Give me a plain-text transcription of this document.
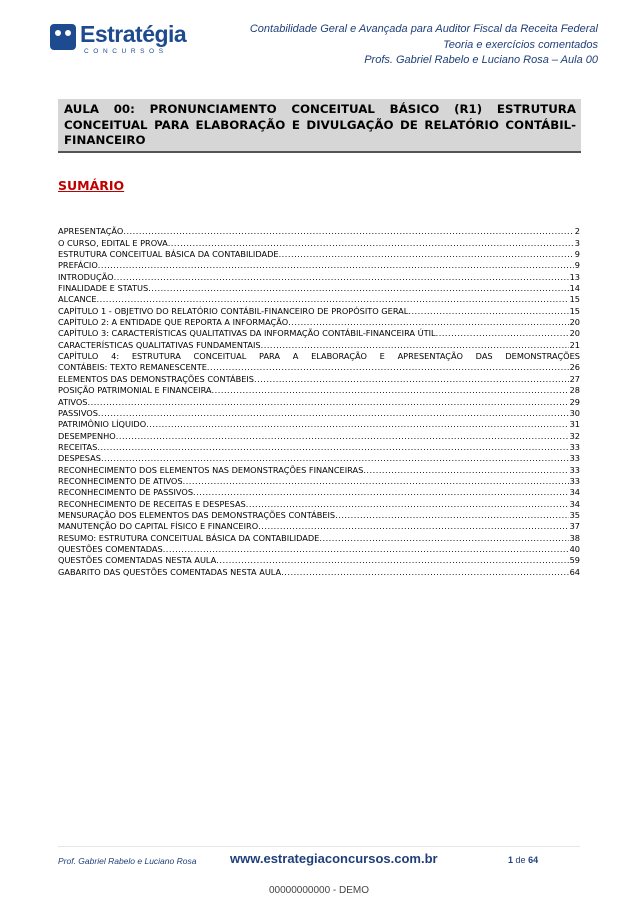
Estratégia
CONCURSOS
Contabilidade Geral e Avançada para Auditor Fiscal da Receita Federal
Teoria e exercícios comentados
Profs. Gabriel Rabelo e Luciano Rosa – Aula 00
AULA 00: PRONUNCIAMENTO CONCEITUAL BÁSICO (R1) ESTRUTURA CONCEITUAL PARA ELABORAÇÃO E DIVULGAÇÃO DE RELATÓRIO CONTÁBIL-FINANCEIRO
SUMÁRIO
APRESENTAÇÃO .....	2
O CURSO, EDITAL E PROVA .....	3
ESTRUTURA CONCEITUAL BÁSICA DA CONTABILIDADE .....	9
PREFÁCIO .....	9
INTRODUÇÃO .....	13
FINALIDADE E STATUS .....	14
ALCANCE .....	15
CAPÍTULO 1 - OBJETIVO DO RELATÓRIO CONTÁBIL-FINANCEIRO DE PROPÓSITO GERAL .....	15
CAPÍTULO 2: A ENTIDADE QUE REPORTA A INFORMAÇÃO .....	20
CAPÍTULO 3: CARACTERÍSTICAS QUALITATIVAS DA INFORMAÇÃO CONTÁBIL-FINANCEIRA ÚTIL .....	20
CARACTERÍSTICAS QUALITATIVAS FUNDAMENTAIS .....	21
CAPÍTULO 4: ESTRUTURA CONCEITUAL PARA A ELABORAÇÃO E APRESENTAÇÃO DAS DEMONSTRAÇÕES
CONTÁBEIS: TEXTO REMANESCENTE .....	26
ELEMENTOS DAS DEMONSTRAÇÕES CONTÁBEIS .....	27
POSIÇÃO PATRIMONIAL E FINANCEIRA .....	28
ATIVOS .....	29
PASSIVOS .....	30
PATRIMÔNIO LÍQUIDO .....	31
DESEMPENHO .....	32
RECEITAS .....	33
DESPESAS .....	33
RECONHECIMENTO DOS ELEMENTOS NAS DEMONSTRAÇÕES FINANCEIRAS .....	33
RECONHECIMENTO DE ATIVOS .....	33
RECONHECIMENTO DE PASSIVOS .....	34
RECONHECIMENTO DE RECEITAS E DESPESAS .....	34
MENSURAÇÃO DOS ELEMENTOS DAS DEMONSTRAÇÕES CONTÁBEIS .....	35
MANUTENÇÃO DO CAPITAL FÍSICO E FINANCEIRO .....	37
RESUMO: ESTRUTURA CONCEITUAL BÁSICA DA CONTABILIDADE .....	38
QUESTÕES COMENTADAS .....	40
QUESTÕES COMENTADAS NESTA AULA .....	59
GABARITO DAS QUESTÕES COMENTADAS NESTA AULA .....	64
Prof. Gabriel Rabelo e Luciano Rosa	www.estrategiaconcursos.com.br	1 de 64
00000000000 - DEMO
